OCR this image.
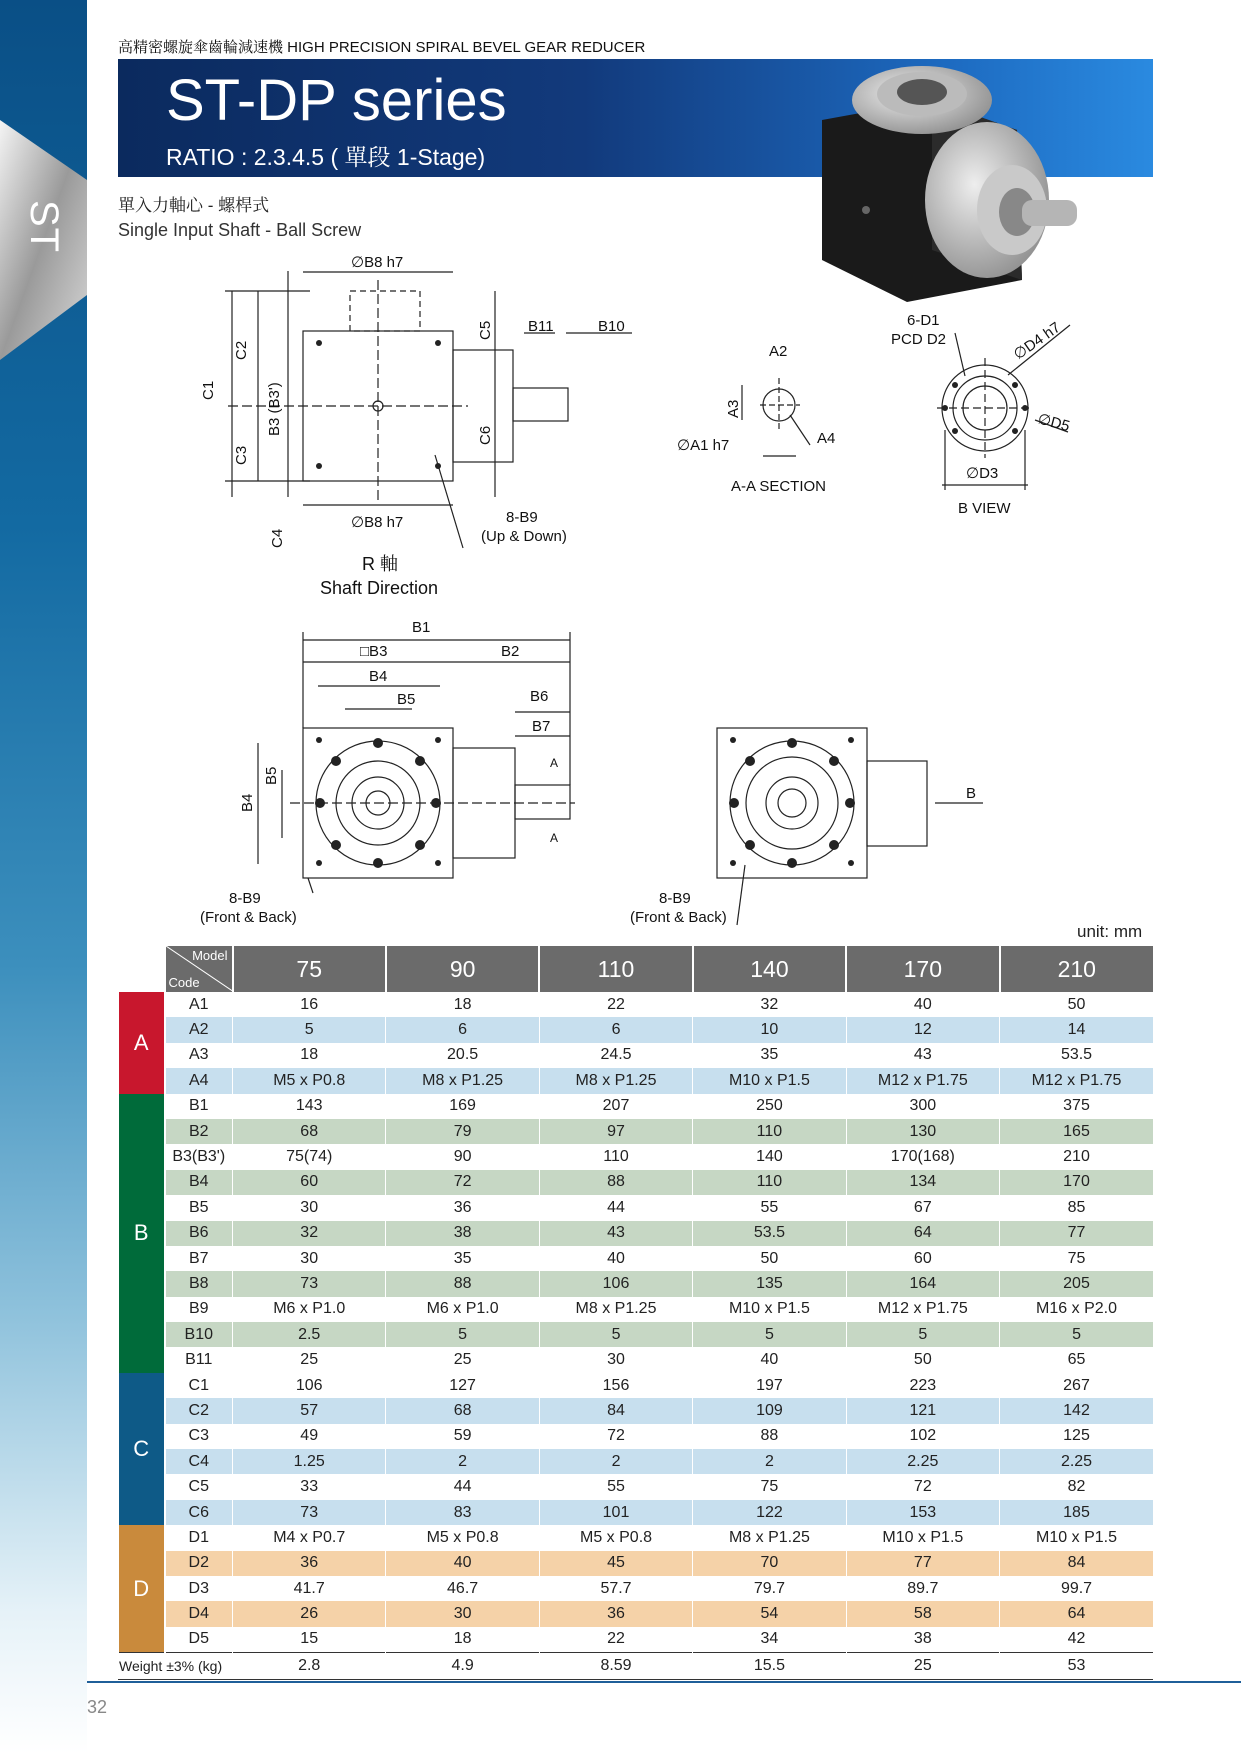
ST
高精密螺旋傘齒輪減速機 HIGH PRECISION SPIRAL BEVEL GEAR REDUCER
ST-DP series
RATIO : 2.3.4.5 ( 單段 1-Stage)
單入力軸心 - 螺桿式
Single Input Shaft - Ball Screw
∅B8 h7
C1
C2
C3
C4
B3 (B3')
C5
C6
B11	B10
∅B8 h7	8-B9
(Up & Down)
R 軸
Shaft Direction
A2
A3
A4
∅A1 h7
A-A SECTION
6-D1
PCD D2	∅D4 h7
∅D5
∅D3
B VIEW
B1
□B3	B2
B4
B5	B6
B7
B5
B4
A
A
8-B9
(Front & Back)
8-B9
(Front & Back)
B
unit: mm

	Model
Code	75	90	110	140	170	210
A	A1	16	18	22	32	40	50
	A2	5	6	6	10	12	14
	A3	18	20.5	24.5	35	43	53.5
	A4	M5 x P0.8	M8 x P1.25	M8 x P1.25	M10 x P1.5	M12 x P1.75	M12 x P1.75
B	B1	143	169	207	250	300	375
	B2	68	79	97	110	130	165
	B3(B3')	75(74)	90	110	140	170(168)	210
	B4	60	72	88	110	134	170
	B5	30	36	44	55	67	85
	B6	32	38	43	53.5	64	77
	B7	30	35	40	50	60	75
	B8	73	88	106	135	164	205
	B9	M6 x P1.0	M6 x P1.0	M8 x P1.25	M10 x P1.5	M12 x P1.75	M16 x P2.0
	B10	2.5	5	5	5	5	5
	B11	25	25	30	40	50	65
C	C1	106	127	156	197	223	267
	C2	57	68	84	109	121	142
	C3	49	59	72	88	102	125
	C4	1.25	2	2	2	2.25	2.25
	C5	33	44	55	75	72	82
	C6	73	83	101	122	153	185
D	D1	M4 x P0.7	M5 x P0.8	M5 x P0.8	M8 x P1.25	M10 x P1.5	M10 x P1.5
	D2	36	40	45	70	77	84
	D3	41.7	46.7	57.7	79.7	89.7	99.7
	D4	26	30	36	54	58	64
	D5	15	18	22	34	38	42
Weight ±3% (kg)		2.8	4.9	8.59	15.5	25	53
32
